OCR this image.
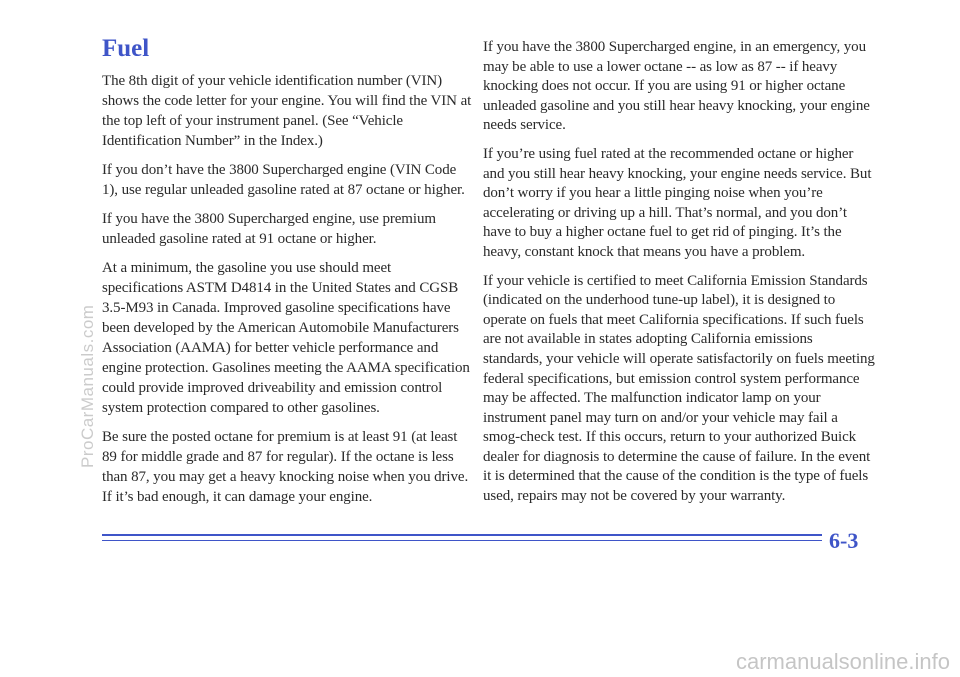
Fuel

The 8th digit of your vehicle identification number (VIN) shows the code letter for your engine. You will find the VIN at the top left of your instrument panel. (See “Vehicle Identification Number” in the Index.)

If you don’t have the 3800 Supercharged engine (VIN Code 1), use regular unleaded gasoline rated at 87 octane or higher.

If you have the 3800 Supercharged engine, use premium unleaded gasoline rated at 91 octane or higher.

At a minimum, the gasoline you use should meet specifications ASTM D4814 in the United States and CGSB 3.5-M93 in Canada. Improved gasoline specifications have been developed by the American Automobile Manufacturers Association (AAMA) for better vehicle performance and engine protection. Gasolines meeting the AAMA specification could provide improved driveability and emission control system protection compared to other gasolines.

Be sure the posted octane for premium is at least 91 (at least 89 for middle grade and 87 for regular). If the octane is less than 87, you may get a heavy knocking noise when you drive. If it’s bad enough, it can damage your engine.

If you have the 3800 Supercharged engine, in an emergency, you may be able to use a lower octane -- as low as 87 -- if heavy knocking does not occur. If you are using 91 or higher octane unleaded gasoline and you still hear heavy knocking, your engine needs service.

If you’re using fuel rated at the recommended octane or higher and you still hear heavy knocking, your engine needs service. But don’t worry if you hear a little pinging noise when you’re accelerating or driving up a hill. That’s normal, and you don’t have to buy a higher octane fuel to get rid of pinging. It’s the heavy, constant knock that means you have a problem.

If your vehicle is certified to meet California Emission Standards (indicated on the underhood tune-up label), it is designed to operate on fuels that meet California specifications. If such fuels are not available in states adopting California emissions standards, your vehicle will operate satisfactorily on fuels meeting federal specifications, but emission control system performance may be affected. The malfunction indicator lamp on your instrument panel may turn on and/or your vehicle may fail a smog-check test. If this occurs, return to your authorized Buick dealer for diagnosis to determine the cause of failure. In the event it is determined that the cause of the condition is the type of fuels used, repairs may not be covered by your warranty.

6-3
ProCarManuals.com
carmanualsonline.info
